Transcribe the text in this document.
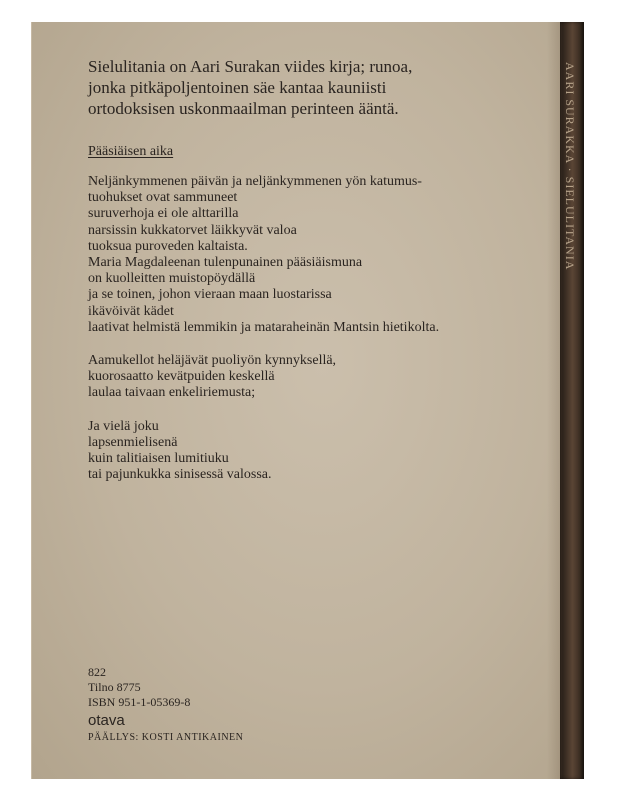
AARI SURAKKA · SIELULITANIA

Sielulitania on Aari Surakan viides kirja; runoa,
jonka pitkäpoljentoinen säe kantaa kauniisti
ortodoksisen uskonmaailman perinteen ääntä.

Pääsiäisen aika
Neljänkymmenen päivän ja neljänkymmenen yön katumus-
tuohukset ovat sammuneet
suruverhoja ei ole alttarilla
narsissin kukkatorvet läikkyvät valoa
tuoksua puroveden kaltaista.
Maria Magdaleenan tulenpunainen pääsiäismuna
on kuolleitten muistopöydällä
ja se toinen, johon vieraan maan luostarissa
ikävöivät kädet
laativat helmistä lemmikin ja mataraheinän Mantsin hietikolta.
Aamukellot heläjävät puoliyön kynnyksellä,
kuorosaatto kevätpuiden keskellä
laulaa taivaan enkeliriemusta;
Ja vielä joku
lapsenmielisenä
kuin talitiaisen lumitiuku
tai pajunkukka sinisessä valossa.
822
Tilno 8775
ISBN 951-1-05369-8
otava
PÄÄLLYS: KOSTI ANTIKAINEN
